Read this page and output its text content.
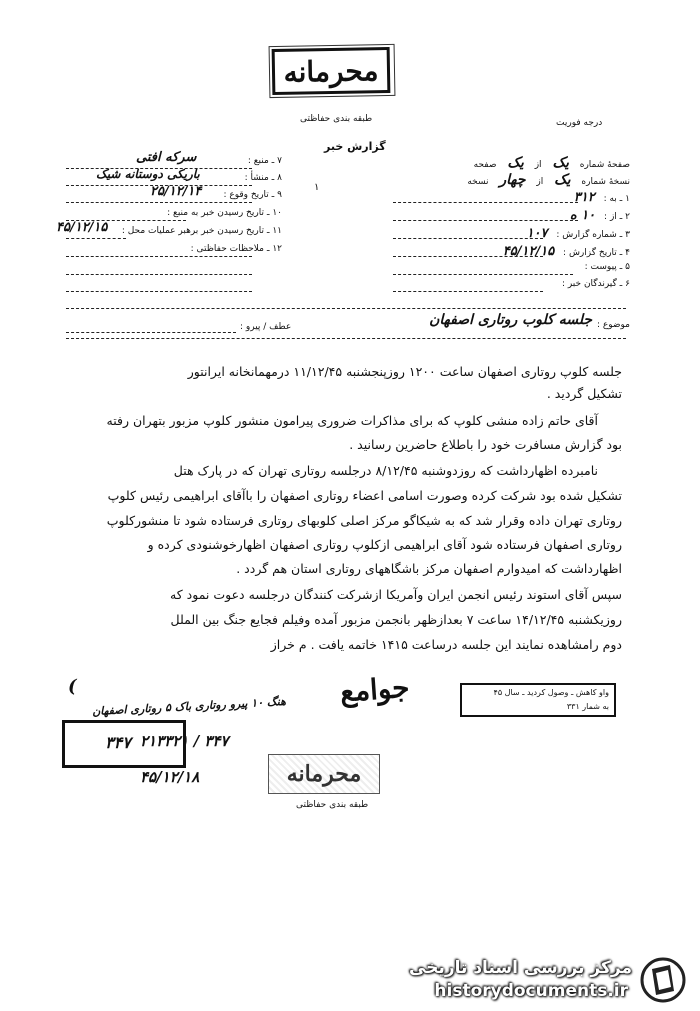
محرمانه
طبقه بندی حفاظتی	درجه فوریت
گزارش خبر
١
صفحهٔ شماره یک از یک صفحه
نسخهٔ شماره یک از چهار نسخه
۱ ـ به : ۳۱۲
۲ ـ از : ۱۰ ه
۳ ـ شماره گزارش : ۱۰۷
۴ ـ تاریخ گزارش : ۴۵/۱۲/۱۵
۵ ـ پیوست :
۶ ـ گیرندگان خبر :
۷ ـ منبع :
سرکه افتی
۸ ـ منشأ :
باریکی دوستانه شیک
۹ ـ تاریخ وقوع :
۲۵/۱۲/۱۴
۱۰ ـ تاریخ رسیدن خبر به منبع :
۱۱ ـ تاریخ رسیدن خبر برهبر عملیات محل :
۴۵/۱۲/۱۵
۱۲ ـ ملاحظات حفاظتی :
موضوع :
جلسه کلوب روتاری اصفهان
عطف / پیرو :
جلسه کلوپ روتاری اصفهان ساعت ۱۲۰۰ روزپنجشنبه ۱۱/۱۲/۴۵ درمهمانخانه ایرانتور
تشکیل گردید .
آقای حاتم زاده منشی کلوپ که برای مذاکرات ضروری پیرامون منشور کلوپ مزبور بتهران رفته
بود گزارش مسافرت خود را باطلاع حاضرین رسانید .
نامبرده اظهارداشت که روزدوشنبه ۸/۱۲/۴۵ درجلسه روتاری تهران که در پارک هتل
تشکیل شده بود شرکت کرده وصورت اسامی اعضاء روتاری اصفهان را باآقای ابراهیمی رئیس کلوپ
روتاری تهران داده وقرار شد که به شیکاگو مرکز اصلی کلوبهای روتاری فرستاده شود تا منشورکلوپ
روتاری اصفهان فرستاده شود آقای ابراهیمی ازکلوپ روتاری اصفهان اظهارخوشنودی کرده و
اظهارداشت که امیدوارم اصفهان مرکز باشگاههای روتاری استان هم گردد .
سپس آقای استوند رئیس انجمن ایران وآمریکا ازشرکت کنندگان درجلسه دعوت نمود که
روزیکشنبه ۱۴/۱۲/۴۵ ساعت ۷ بعدازظهر بانجمن مزبور آمده وفیلم فجایع جنگ بین الملل
دوم رامشاهده نمایند این جلسه درساعت ۱۴۱۵ خاتمه یافت . م خراز
جوامع	واو کاهش ـ وصول کردید ـ سال ۴۵
به شمار ۳۳۱
هنگ ۱۰ پیرو روتاری باک ۵ روتاری اصفهان
)
۳۴۷ / ۲۱۳۳۲۱
۳۴۷
۴۵/۱۲/۱۸	محرمانه
طبقه بندی حفاظتی
مرکز بررسی اسناد تاریخی
historydocuments.ir
